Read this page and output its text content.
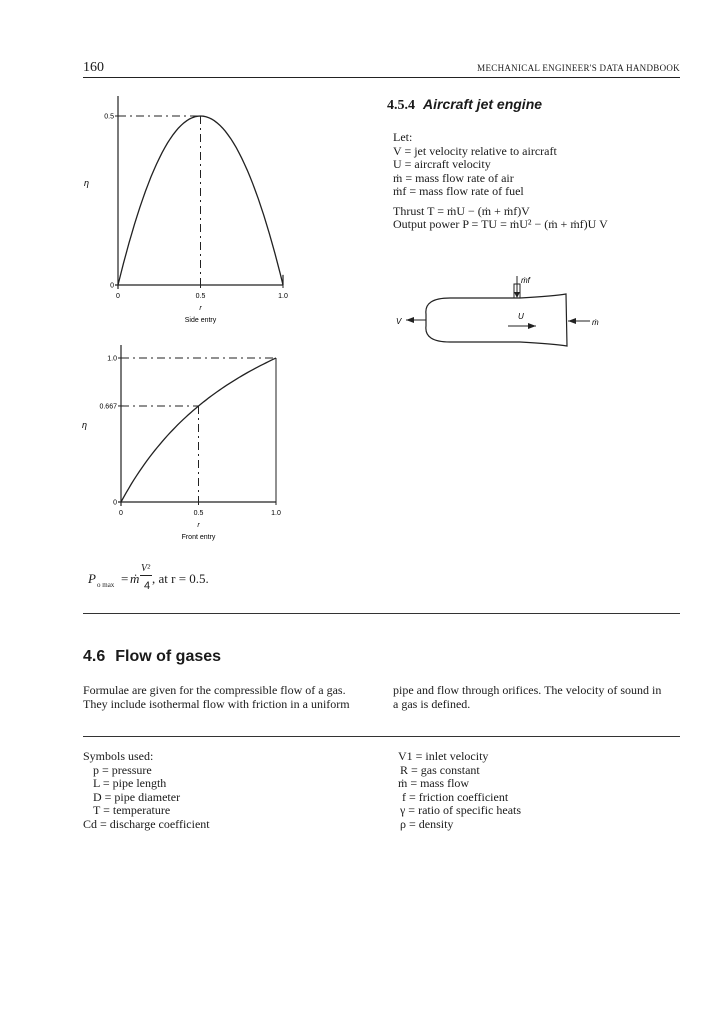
160	MECHANICAL ENGINEER'S DATA HANDBOOK
0	0.5	1.0
0
0.5
η
r
Side entry
0	0.5	1.0
0
0.667
1.0
η
r
Front entry
P o max = ṁ
V²
4 , at r = 0.5.
4.5.4 Aircraft jet engine
Let:
V = jet velocity relative to aircraft
U = aircraft velocity
ṁ = mass flow rate of air
ṁf = mass flow rate of fuel
Thrust T = ṁU − (ṁ + ṁf)V
Output power P = TU = ṁU² − (ṁ + ṁf)U V
ṁf
V
U
ṁ
4.6 Flow of gases
Formulae are given for the compressible flow of a gas.
They include isothermal flow with friction in a uniform
pipe and flow through orifices. The velocity of sound in
a gas is defined.
Symbols used:
p = pressure
L = pipe length
D = pipe diameter
T = temperature
Cd = discharge coefficient
V1 = inlet velocity
R = gas constant
ṁ = mass flow
f = friction coefficient
γ = ratio of specific heats
ρ = density
